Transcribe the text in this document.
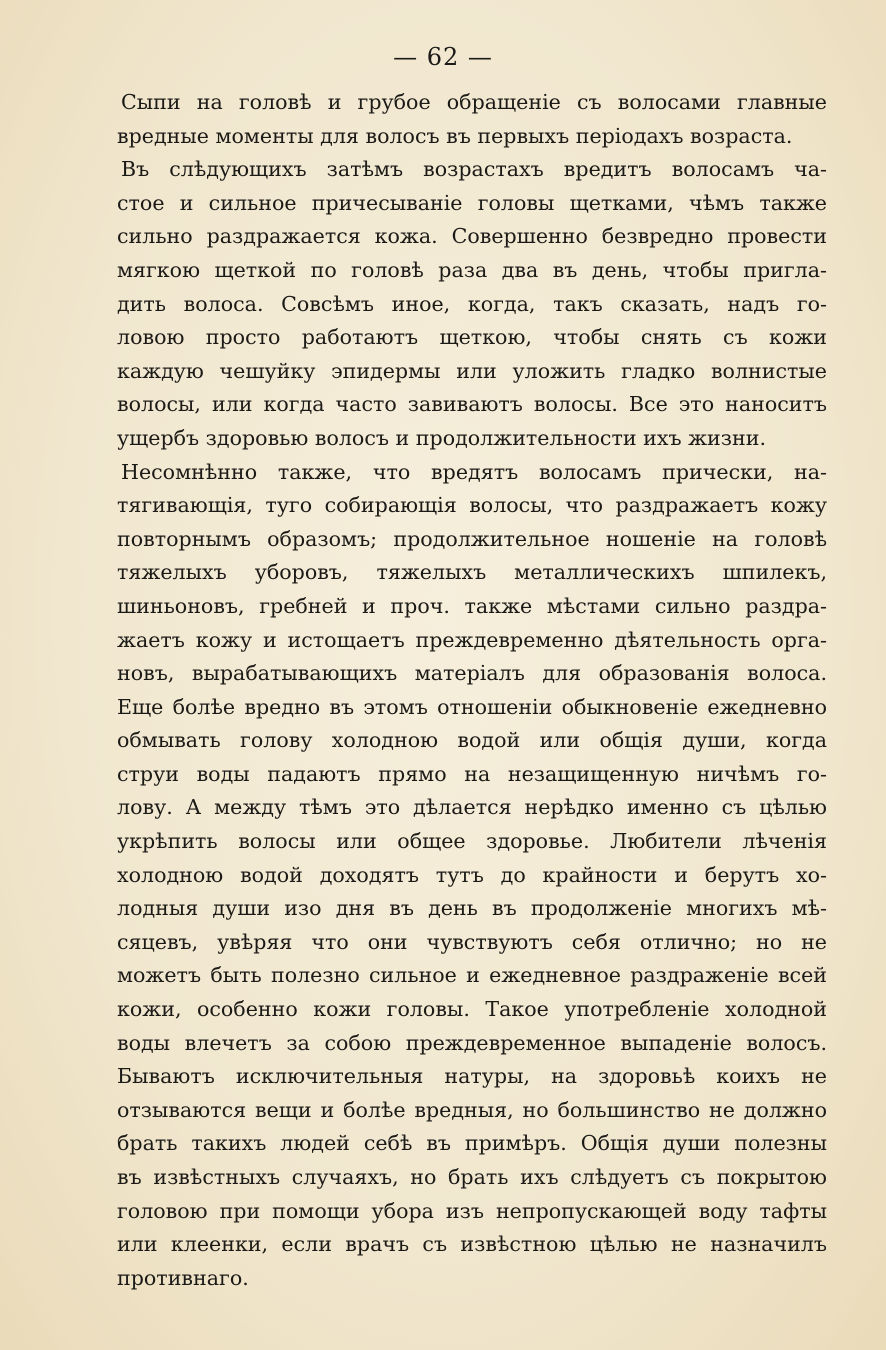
— 62 —
Сыпи на головѣ и грубое обращеніе съ волосами главные
вредные моменты для волосъ въ первыхъ періодахъ возраста.
Въ слѣдующихъ затѣмъ возрастахъ вредитъ волосамъ ча-
стое и сильное причесываніе головы щетками, чѣмъ также
сильно раздражается кожа. Совершенно безвредно провести
мягкою щеткой по головѣ раза два въ день, чтобы пригла-
дить волоса. Совсѣмъ иное, когда, такъ сказать, надъ го-
ловою просто работаютъ щеткою, чтобы снять съ кожи
каждую чешуйку эпидермы или уложить гладко волнистые
волосы, или когда часто завиваютъ волосы. Все это наноситъ
ущербъ здоровью волосъ и продолжительности ихъ жизни.
Несомнѣнно также, что вредятъ волосамъ прически, на-
тягивающія, туго собирающія волосы, что раздражаетъ кожу
повторнымъ образомъ; продолжительное ношеніе на головѣ
тяжелыхъ уборовъ, тяжелыхъ металлическихъ шпилекъ,
шиньоновъ, гребней и проч. также мѣстами сильно раздра-
жаетъ кожу и истощаетъ преждевременно дѣятельность орга-
новъ, вырабатывающихъ матеріалъ для образованія волоса.
Еще болѣе вредно въ этомъ отношеніи обыкновеніе ежедневно
обмывать голову холодною водой или общія души, когда
струи воды падаютъ прямо на незащищенную ничѣмъ го-
лову. А между тѣмъ это дѣлается нерѣдко именно съ цѣлью
укрѣпить волосы или общее здоровье. Любители лѣченія
холодною водой доходятъ тутъ до крайности и берутъ хо-
лодныя души изо дня въ день въ продолженіе многихъ мѣ-
сяцевъ, увѣряя что они чувствуютъ себя отлично; но не
можетъ быть полезно сильное и ежедневное раздраженіе всей
кожи, особенно кожи головы. Такое употребленіе холодной
воды влечетъ за собою преждевременное выпаденіе волосъ.
Бываютъ исключительныя натуры, на здоровьѣ коихъ не
отзываются вещи и болѣе вредныя, но большинство не должно
брать такихъ людей себѣ въ примѣръ. Общія души полезны
въ извѣстныхъ случаяхъ, но брать ихъ слѣдуетъ съ покрытою
головою при помощи убора изъ непропускающей воду тафты
или клеенки, если врачъ съ извѣстною цѣлью не назначилъ
противнаго.
